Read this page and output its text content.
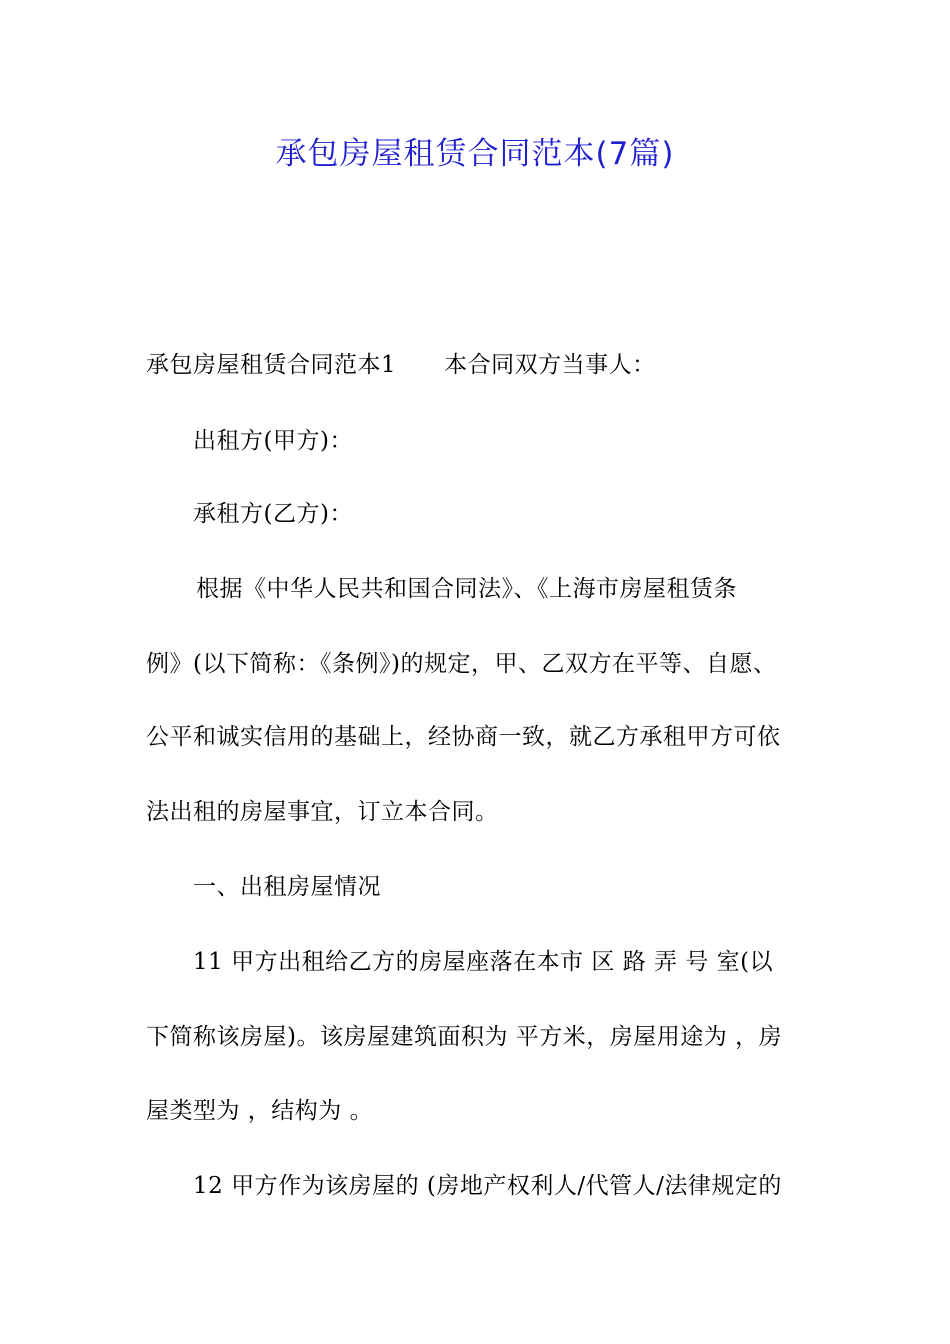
承包房屋租赁合同范本(7篇)
承包房屋租赁合同范本1 本合同双方当事人：
出租方(甲方)：
承租方(乙方)：
根据《中华人民共和国合同法》、《上海市房屋租赁条
例》(以下简称：《条例》)的规定，甲、乙双方在平等、自愿、
公平和诚实信用的基础上，经协商一致，就乙方承租甲方可依
法出租的房屋事宜，订立本合同。
一、出租房屋情况
11 甲方出租给乙方的房屋座落在本市 区 路 弄 号 室(以
下简称该房屋)。该房屋建筑面积为 平方米，房屋用途为 ，房
屋类型为 ，结构为 。
12 甲方作为该房屋的 (房地产权利人/代管人/法律规定的
